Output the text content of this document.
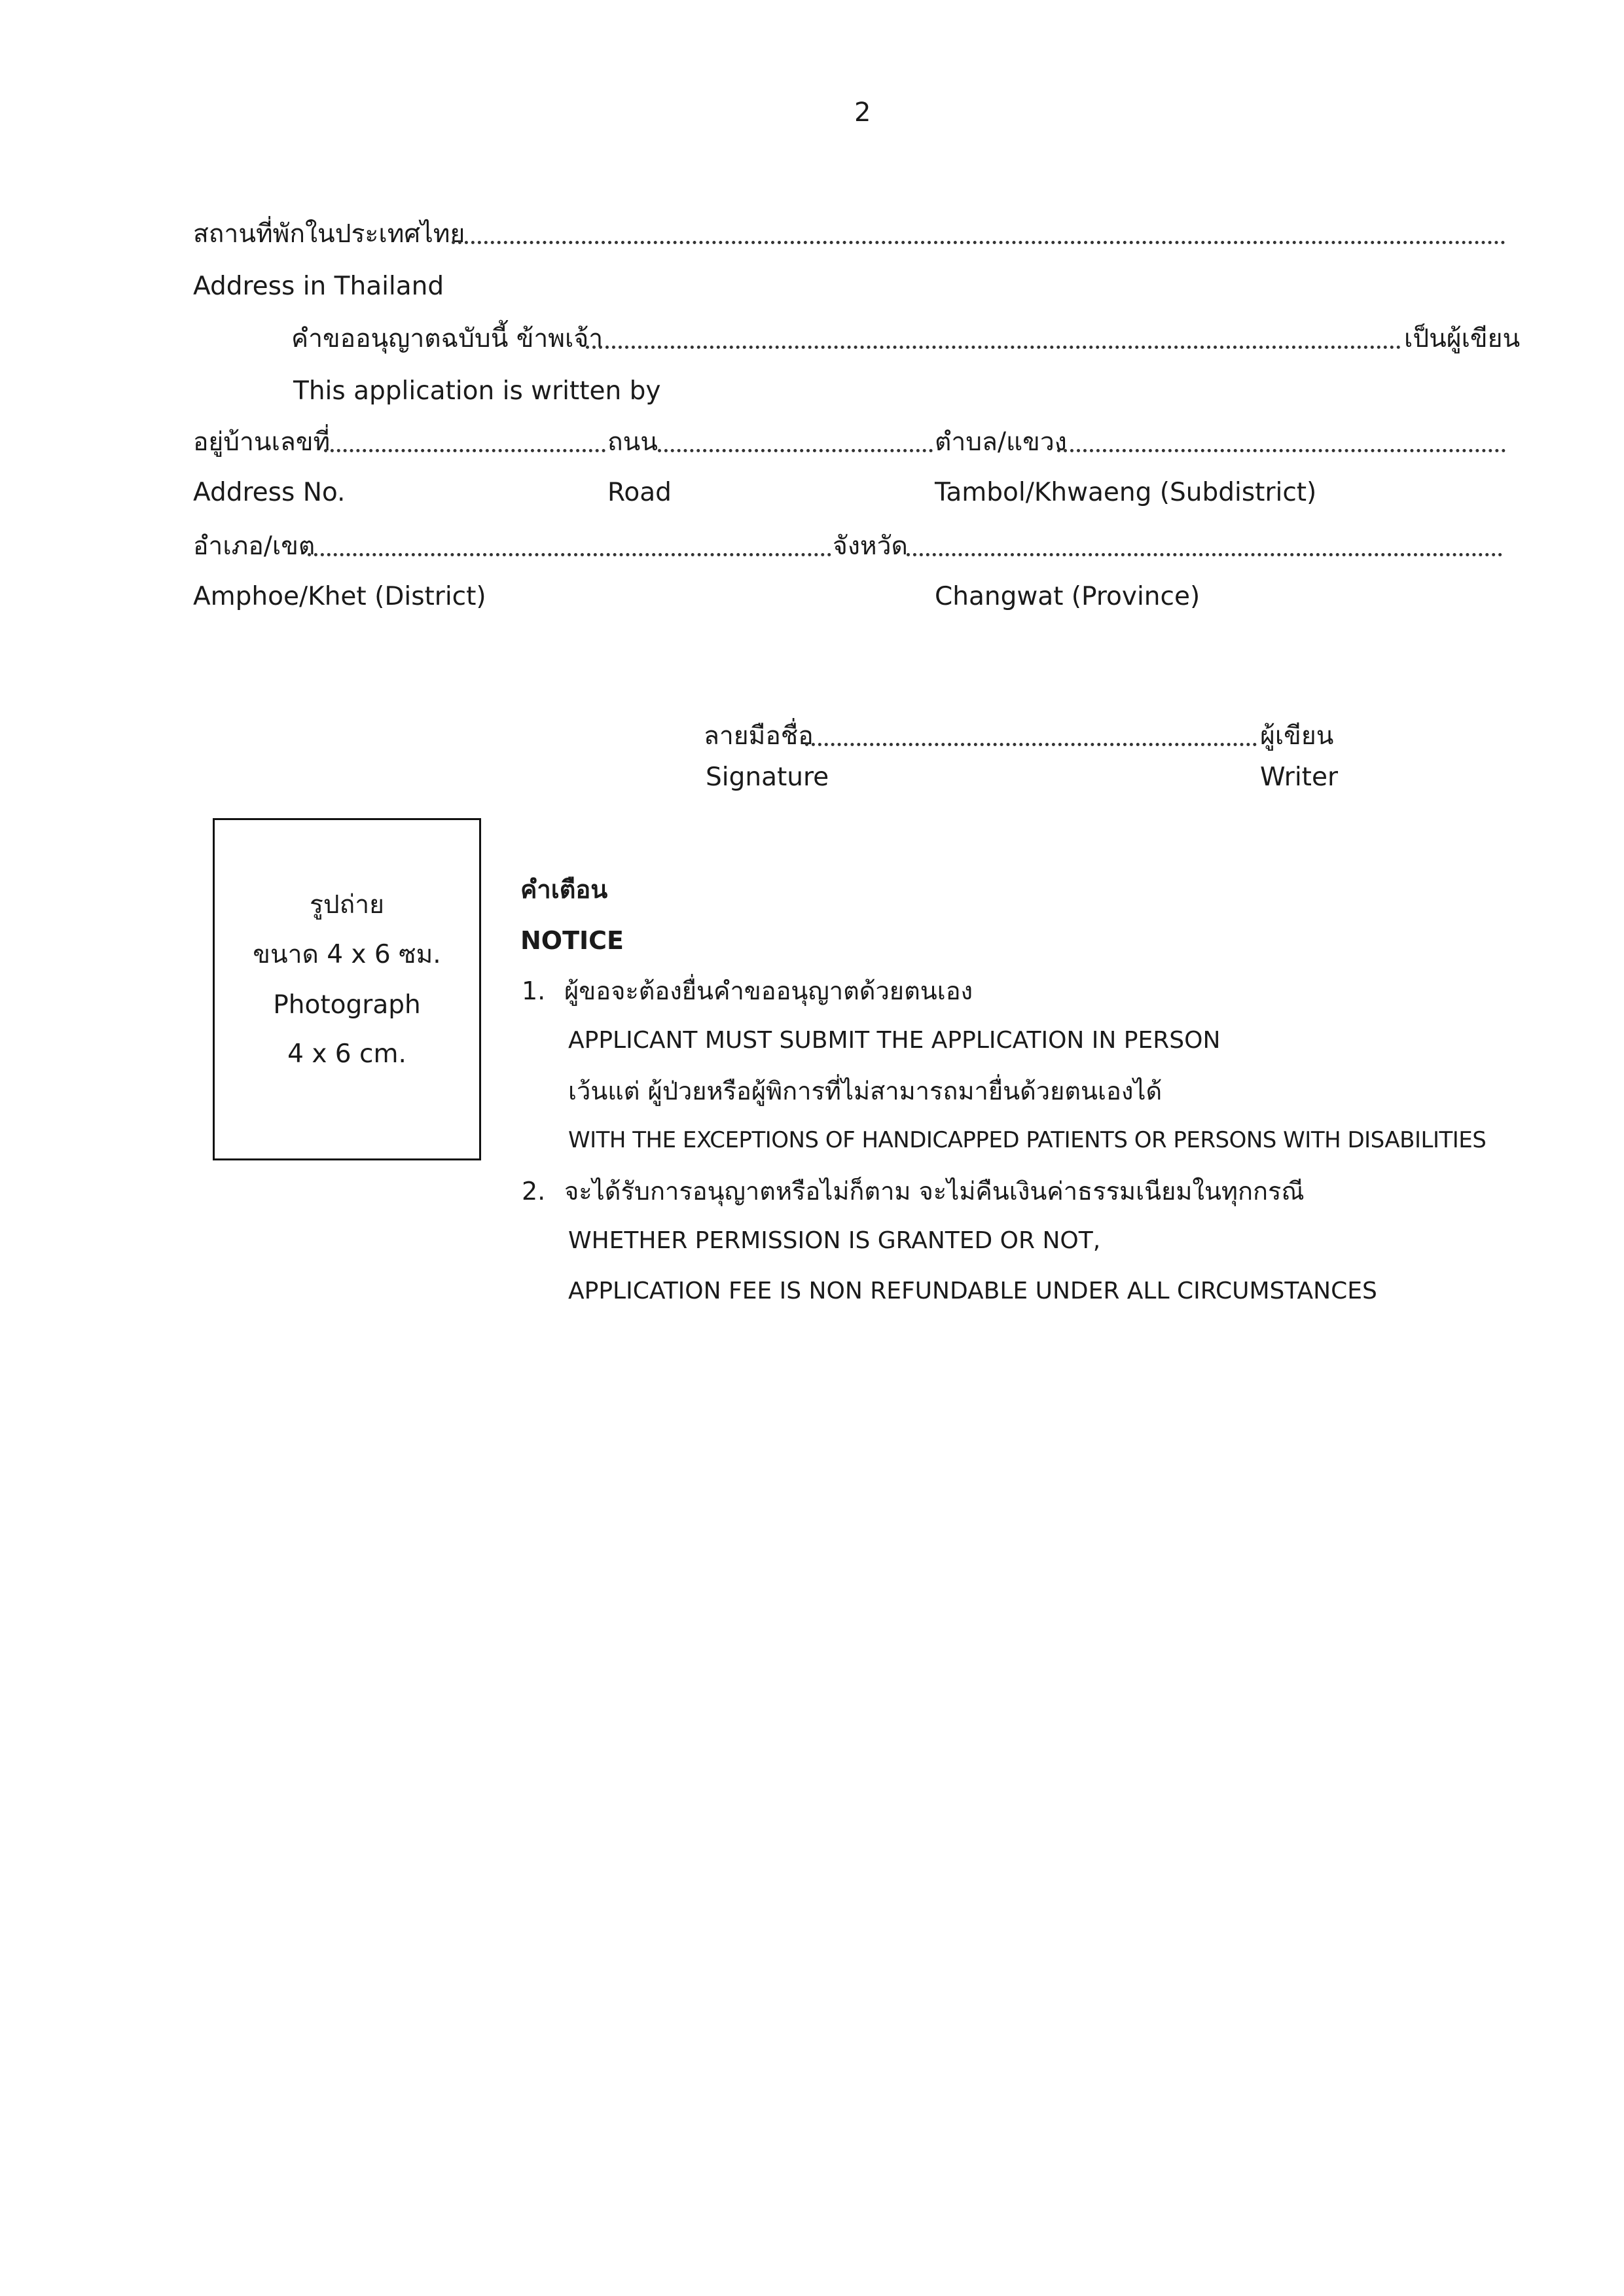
2
สถานที่พักในประเทศไทย
Address in Thailand
คำขออนุญาตฉบับนี้ ข้าพเจ้า	เป็นผู้เขียน
This application is written by
อยู่บ้านเลขที่	ถนน	ตำบล/แขวง
Address No.	Road	Tambol/Khwaeng (Subdistrict)
อำเภอ/เขต	จังหวัด
Amphoe/Khet (District)	Changwat (Province)
ลายมือชื่อ	ผู้เขียน
Signature	Writer
รูปถ่าย
ขนาด 4 x 6 ซม.
Photograph
4 x 6 cm.
คำเตือน
NOTICE
1. ผู้ขอจะต้องยื่นคำขออนุญาตด้วยตนเอง
APPLICANT MUST SUBMIT THE APPLICATION IN PERSON
เว้นแต่ ผู้ป่วยหรือผู้พิการที่ไม่สามารถมายื่นด้วยตนเองได้
WITH THE EXCEPTIONS OF HANDICAPPED PATIENTS OR PERSONS WITH DISABILITIES
2. จะได้รับการอนุญาตหรือไม่ก็ตาม จะไม่คืนเงินค่าธรรมเนียมในทุกกรณี
WHETHER PERMISSION IS GRANTED OR NOT,
APPLICATION FEE IS NON REFUNDABLE UNDER ALL CIRCUMSTANCES
